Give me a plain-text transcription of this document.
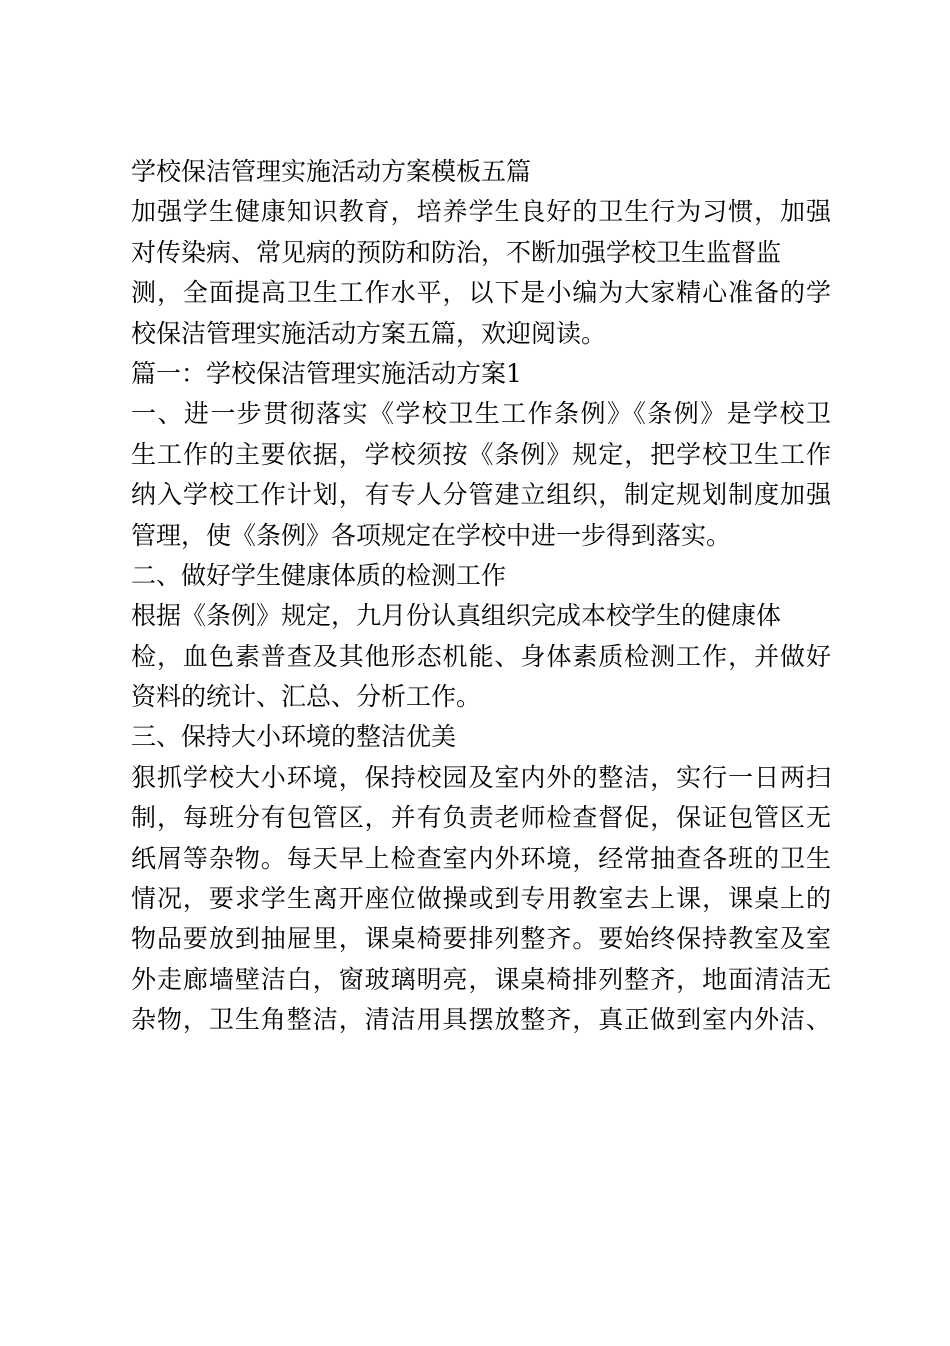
学校保洁管理实施活动方案模板五篇
加强学生健康知识教育，培养学生良好的卫生行为习惯，加强
对传染病、常见病的预防和防治，不断加强学校卫生监督监
测，全面提高卫生工作水平，以下是小编为大家精心准备的学
校保洁管理实施活动方案五篇，欢迎阅读。
篇一：学校保洁管理实施活动方案1
一、进一步贯彻落实《学校卫生工作条例》《条例》是学校卫
生工作的主要依据，学校须按《条例》规定，把学校卫生工作
纳入学校工作计划，有专人分管建立组织，制定规划制度加强
管理，使《条例》各项规定在学校中进一步得到落实。
二、做好学生健康体质的检测工作
根据《条例》规定，九月份认真组织完成本校学生的健康体
检，血色素普查及其他形态机能、身体素质检测工作，并做好
资料的统计、汇总、分析工作。
三、保持大小环境的整洁优美
狠抓学校大小环境，保持校园及室内外的整洁，实行一日两扫
制，每班分有包管区，并有负责老师检查督促，保证包管区无
纸屑等杂物。每天早上检查室内外环境，经常抽查各班的卫生
情况，要求学生离开座位做操或到专用教室去上课，课桌上的
物品要放到抽屉里，课桌椅要排列整齐。要始终保持教室及室
外走廊墙壁洁白，窗玻璃明亮，课桌椅排列整齐，地面清洁无
杂物，卫生角整洁，清洁用具摆放整齐，真正做到室内外洁、
